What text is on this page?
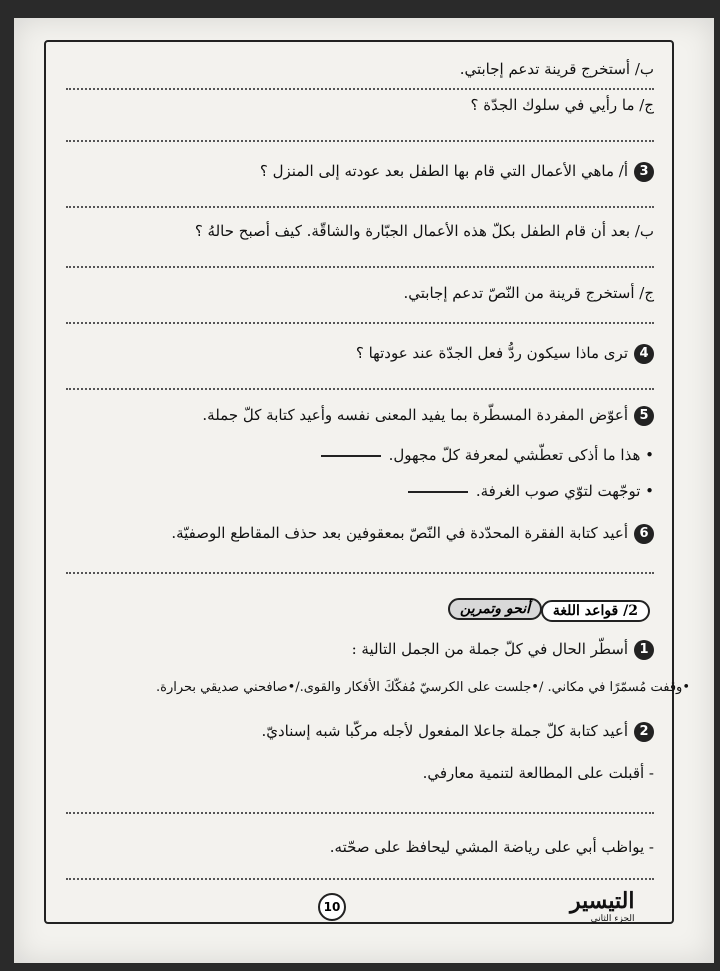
ب/ أستخرج قرينة تدعم إجابتي.
ج/ ما رأيي في سلوك الجدّة ؟
3أ/ ماهي الأعمال التي قام بها الطفل بعد عودته إلى المنزل ؟
ب/ بعد أن قام الطفل بكلّ هذه الأعمال الجبّارة والشاقّة. كيف أصبح حالهُ ؟
ج/ أستخرج قرينة من النّصّ تدعم إجابتي.
4ترى ماذا سيكون ردُّ فعل الجدّة عند عودتها ؟
5أعوّض المفردة المسطّرة بما يفيد المعنى نفسه وأعيد كتابة كلّ جملة.
• هذا ما أذكى تعطّشي لمعرفة كلّ مجهول.
• توجّهت لتوّي صوب الغرفة.
6أعيد كتابة الفقرة المحدّدة في النّصّ بمعقوفين بعد حذف المقاطع الوصفيّة.
2/ قواعد اللغة
أنحو وتمرين
1أسطّر الحال في كلّ جملة من الجمل التالية :
•وقفت مُسمّرًا في مكاني. /•جلست على الكرسيّ مُفكّكَ الأفكار والقوى./•صافحني صديقي بحرارة.
2أعيد كتابة كلّ جملة جاعلا المفعول لأجله مركّبا شبه إسناديّ.
- أقبلت على المطالعة لتنمية معارفي.
- يواظب أبي على رياضة المشي ليحافظ على صحّته.
10	التيسير
الجزء الثاني
